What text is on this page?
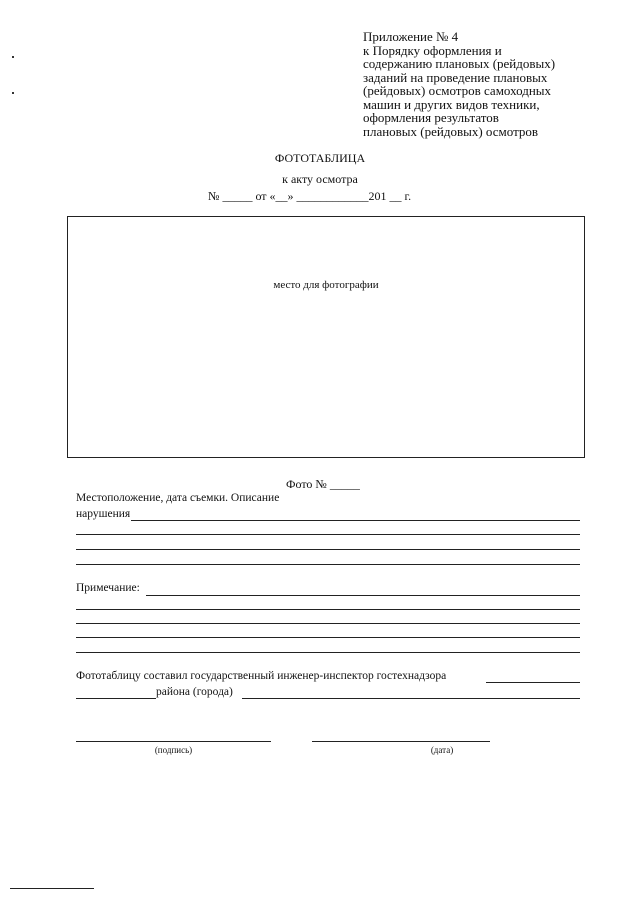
Приложение № 4
к Порядку оформления и
содержанию плановых (рейдовых)
заданий на проведение плановых
(рейдовых) осмотров самоходных
машин и других видов техники,
оформления результатов
плановых (рейдовых) осмотров
ФОТОТАБЛИЦА
к акту осмотра
№ _____ от «__» ____________201 __ г.
место для фотографии
Фото № _____
Местоположение, дата съемки. Описание
нарушения
Примечание:
Фототаблицу составил государственный инженер-инспектор гостехнадзора
района (города)
(подпись)	(дата)
